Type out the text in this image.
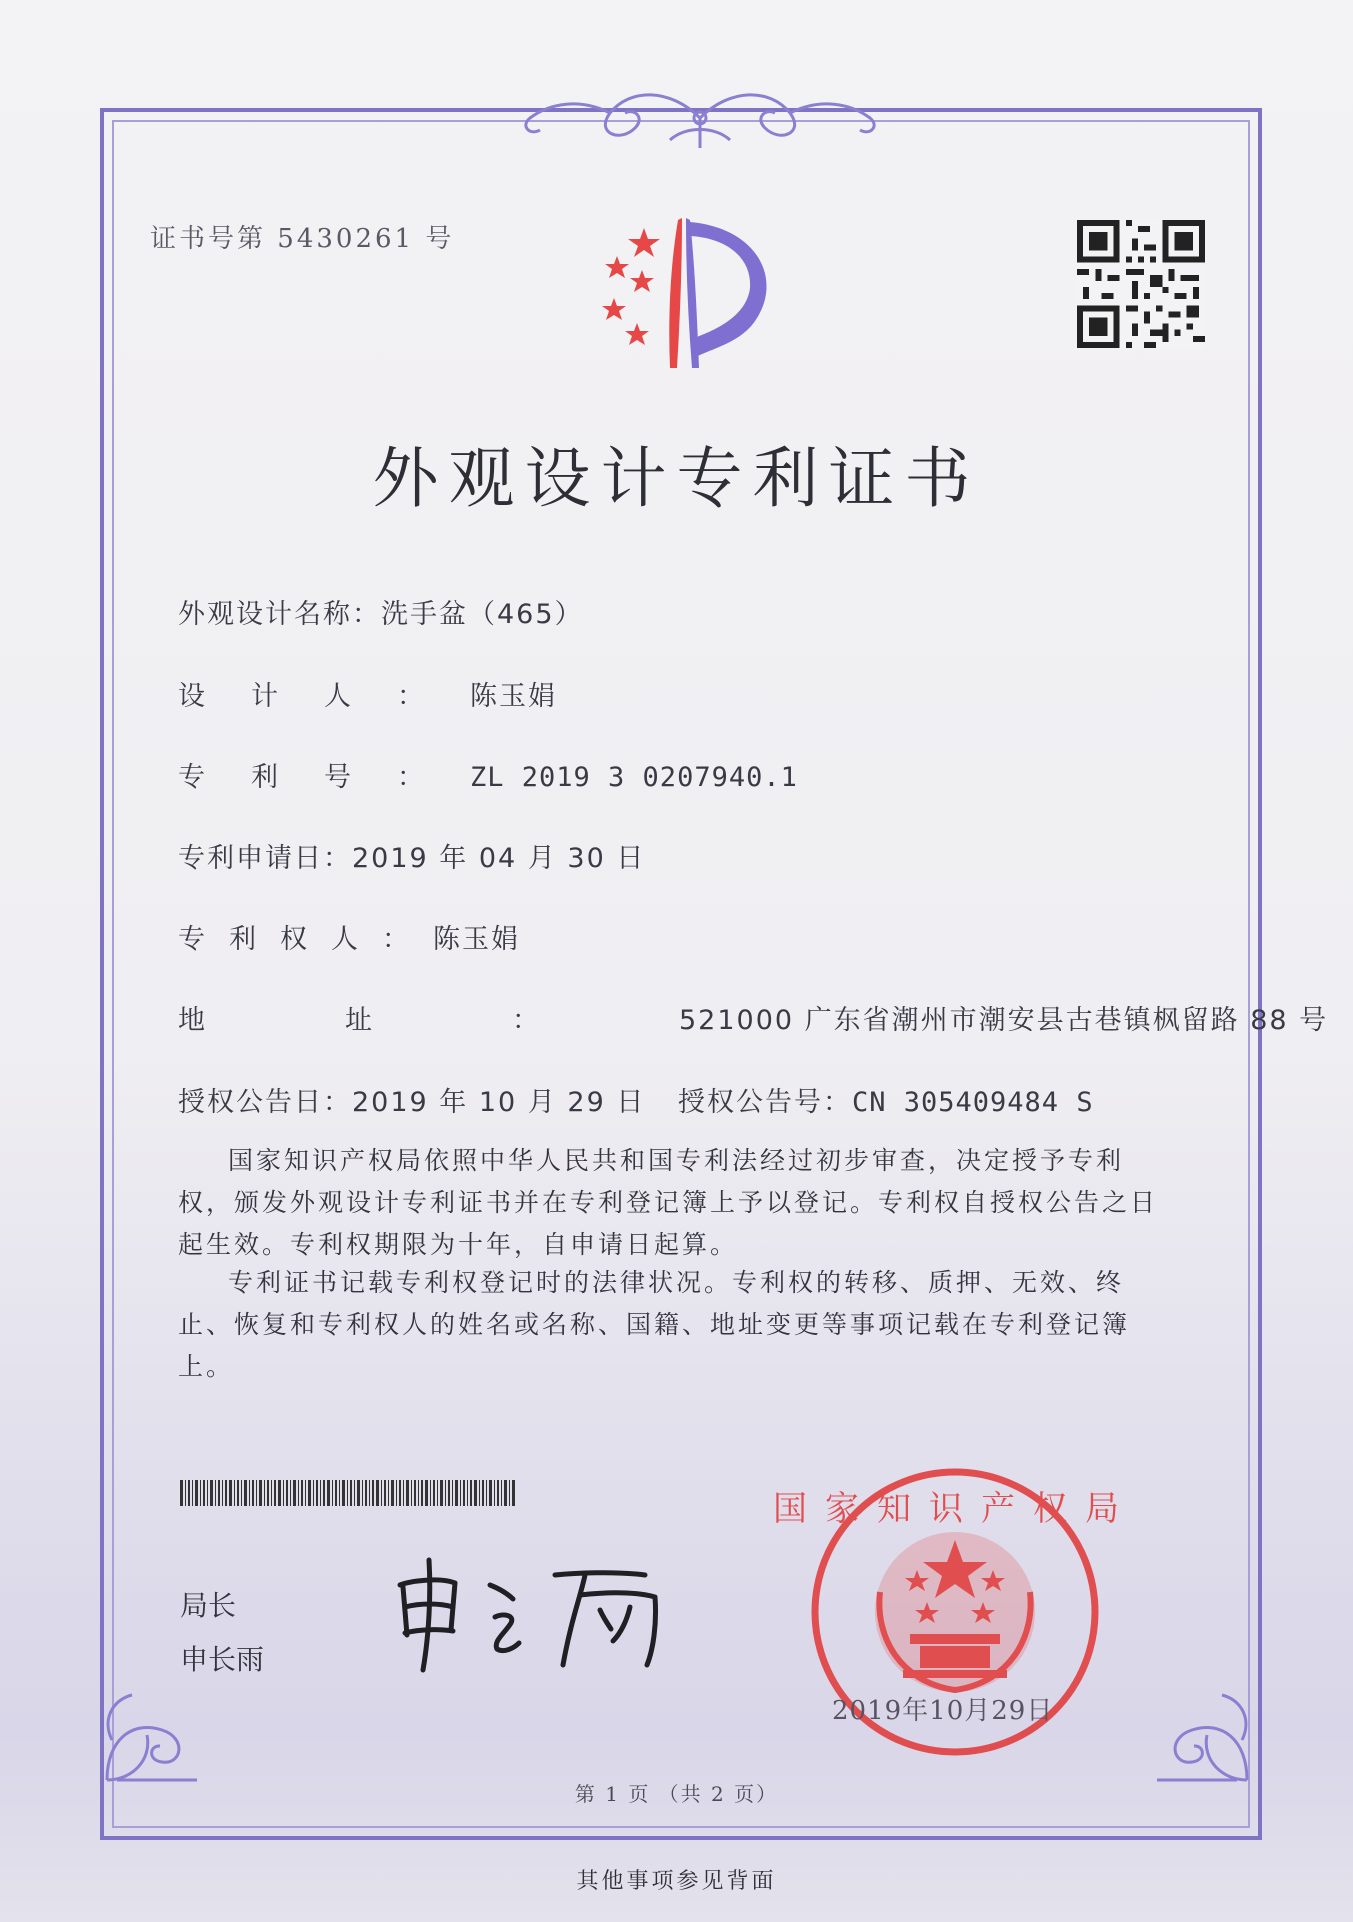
证书号第 5430261 号
外观设计专利证书
外观设计名称：洗手盆（465）
设计人：陈玉娟
专利号：ZL 2019 3 0207940.1
专利申请日：2019 年 04 月 30 日
专利权人：陈玉娟
地址：521000 广东省潮州市潮安县古巷镇枫留路 88 号
授权公告日：2019 年 10 月 29 日 授权公告号：CN 305409484 S
国家知识产权局依照中华人民共和国专利法经过初步审查，决定授予专利权，颁发外观设计专利证书并在专利登记簿上予以登记。专利权自授权公告之日起生效。专利权期限为十年，自申请日起算。
专利证书记载专利权登记时的法律状况。专利权的转移、质押、无效、终止、恢复和专利权人的姓名或名称、国籍、地址变更等事项记载在专利登记簿上。
局长
申长雨
国家知识产权局
2019年10月29日
第 1 页 （共 2 页）
其他事项参见背面
